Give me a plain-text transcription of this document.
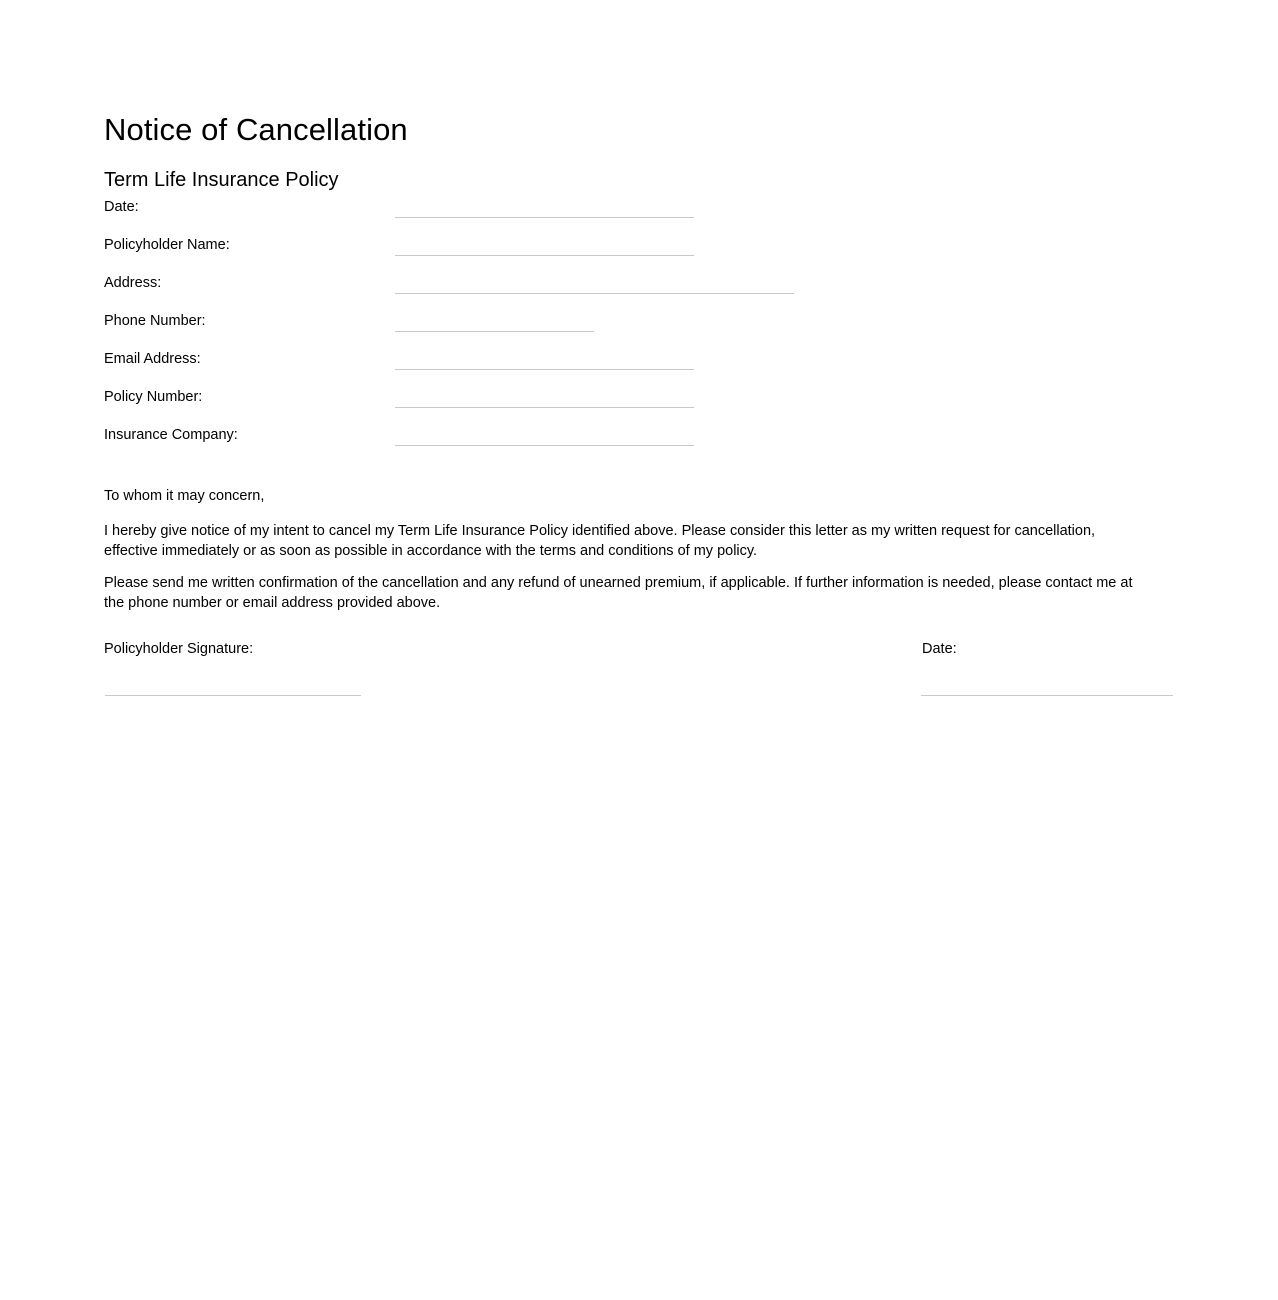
Notice of Cancellation
Term Life Insurance Policy
Date:
Policyholder Name:
Address:
Phone Number:
Email Address:
Policy Number:
Insurance Company:

To whom it may concern,

I hereby give notice of my intent to cancel my Term Life Insurance Policy identified above. Please consider this letter as my written request for cancellation, effective immediately or as soon as possible in accordance with the terms and conditions of my policy.

Please send me written confirmation of the cancellation and any refund of unearned premium, if applicable. If further information is needed, please contact me at the phone number or email address provided above.

Policyholder Signature:	Date:
